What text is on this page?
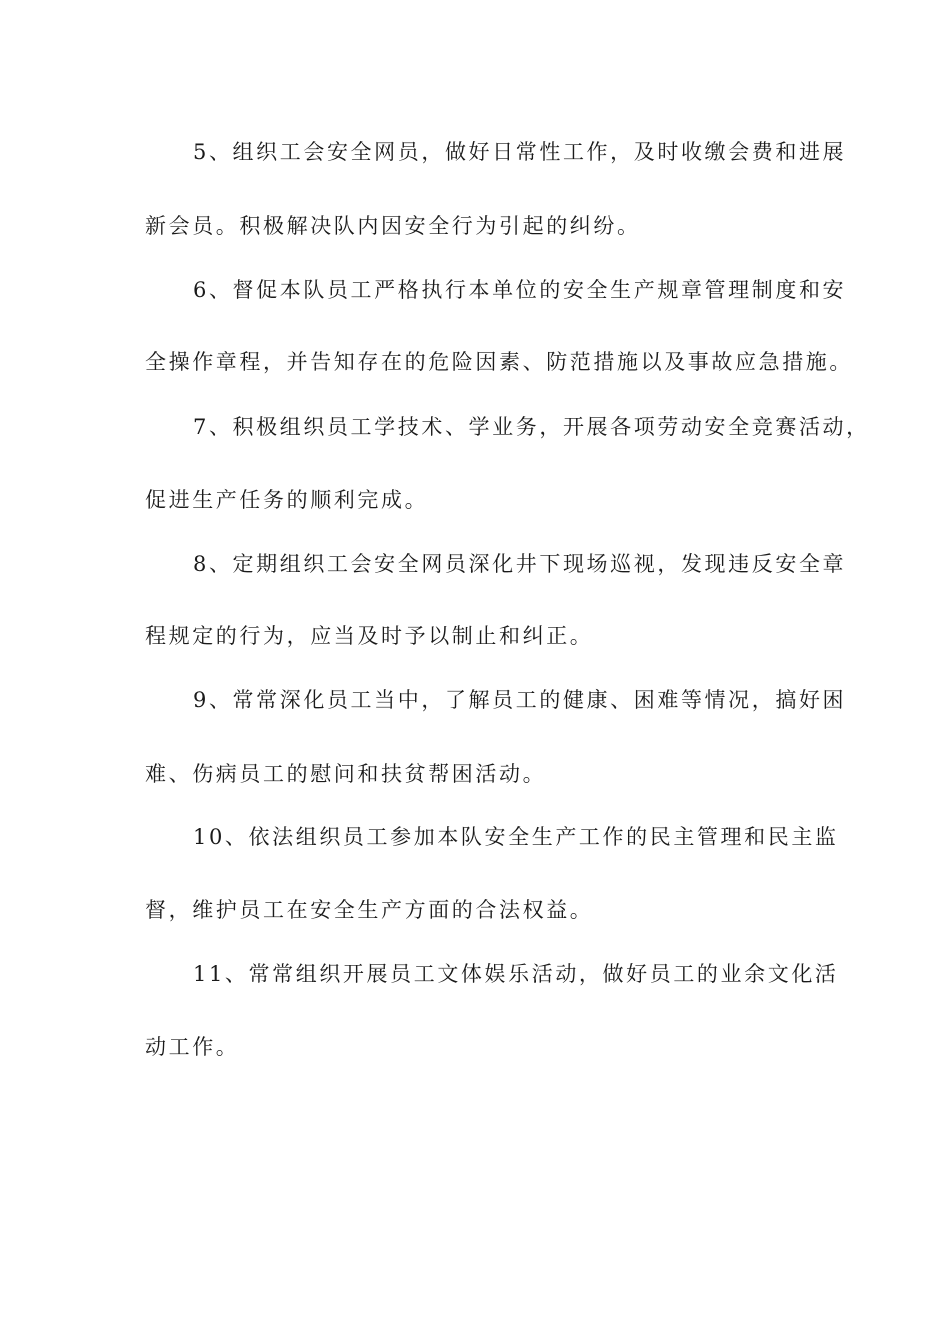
5、组织工会安全网员，做好日常性工作，及时收缴会费和进展
新会员。积极解决队内因安全行为引起的纠纷。
6、督促本队员工严格执行本单位的安全生产规章管理制度和安
全操作章程，并告知存在的危险因素、防范措施以及事故应急措施。
7、积极组织员工学技术、学业务，开展各项劳动安全竞赛活动，
促进生产任务的顺利完成。
8、定期组织工会安全网员深化井下现场巡视，发现违反安全章
程规定的行为，应当及时予以制止和纠正。
9、常常深化员工当中，了解员工的健康、困难等情况，搞好困
难、伤病员工的慰问和扶贫帮困活动。
10、依法组织员工参加本队安全生产工作的民主管理和民主监
督，维护员工在安全生产方面的合法权益。
11、常常组织开展员工文体娱乐活动，做好员工的业余文化活
动工作。
